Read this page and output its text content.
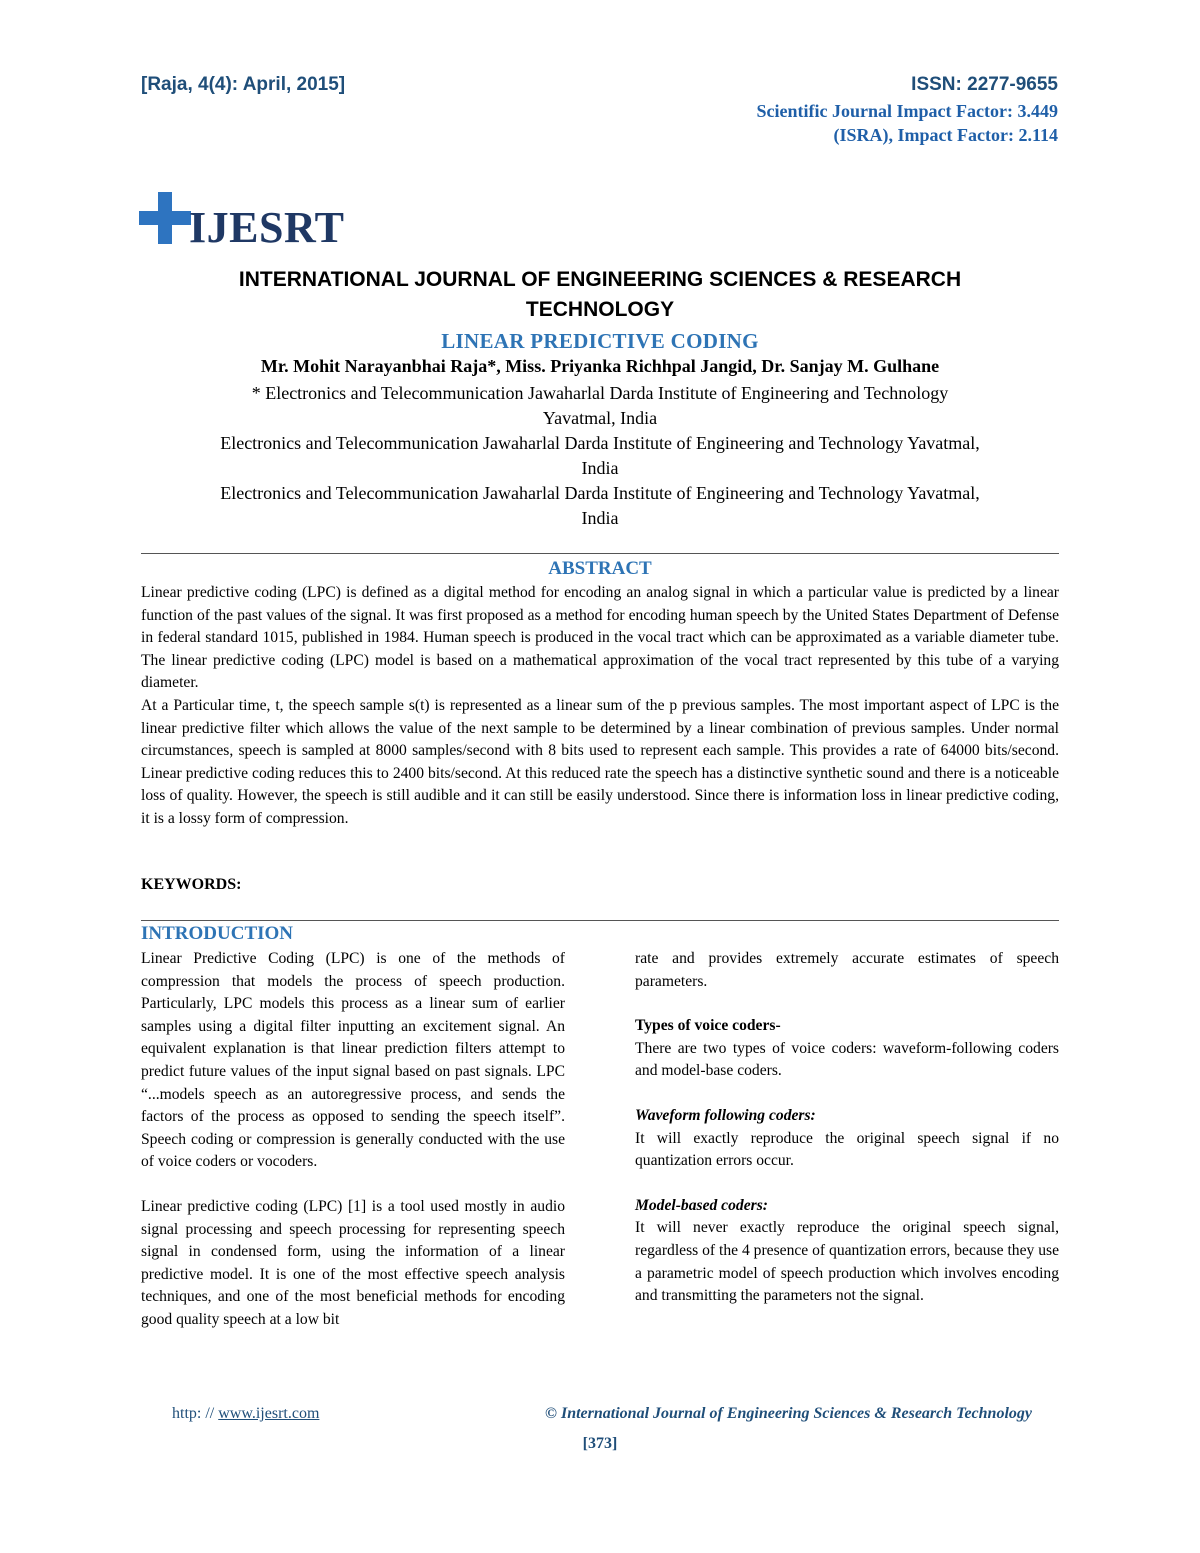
[Raja, 4(4): April, 2015]	ISSN: 2277-9655
Scientific Journal Impact Factor: 3.449
(ISRA), Impact Factor: 2.114
IJESRT
INTERNATIONAL JOURNAL OF ENGINEERING SCIENCES & RESEARCH
TECHNOLOGY
LINEAR PREDICTIVE CODING
Mr. Mohit Narayanbhai Raja*, Miss. Priyanka Richhpal Jangid, Dr. Sanjay M. Gulhane
* Electronics and Telecommunication Jawaharlal Darda Institute of Engineering and Technology
Yavatmal, India
Electronics and Telecommunication Jawaharlal Darda Institute of Engineering and Technology Yavatmal,
India
Electronics and Telecommunication Jawaharlal Darda Institute of Engineering and Technology Yavatmal,
India
ABSTRACT
Linear predictive coding (LPC) is defined as a digital method for encoding an analog signal in which a particular value is predicted by a linear function of the past values of the signal. It was first proposed as a method for encoding human speech by the United States Department of Defense in federal standard 1015, published in 1984. Human speech is produced in the vocal tract which can be approximated as a variable diameter tube. The linear predictive coding (LPC) model is based on a mathematical approximation of the vocal tract represented by this tube of a varying diameter.
At a Particular time, t, the speech sample s(t) is represented as a linear sum of the p previous samples. The most important aspect of LPC is the linear predictive filter which allows the value of the next sample to be determined by a linear combination of previous samples. Under normal circumstances, speech is sampled at 8000 samples/second with 8 bits used to represent each sample. This provides a rate of 64000 bits/second. Linear predictive coding reduces this to 2400 bits/second. At this reduced rate the speech has a distinctive synthetic sound and there is a noticeable loss of quality. However, the speech is still audible and it can still be easily understood. Since there is information loss in linear predictive coding, it is a lossy form of compression.
KEYWORDS:
INTRODUCTION

Linear Predictive Coding (LPC) is one of the methods of compression that models the process of speech production. Particularly, LPC models this process as a linear sum of earlier samples using a digital filter inputting an excitement signal. An equivalent explanation is that linear prediction filters attempt to predict future values of the input signal based on past signals. LPC “...models speech as an autoregressive process, and sends the factors of the process as opposed to sending the speech itself”. Speech coding or compression is generally conducted with the use of voice coders or vocoders.

Linear predictive coding (LPC) [1] is a tool used mostly in audio signal processing and speech processing for representing speech signal in condensed form, using the information of a linear predictive model. It is one of the most effective speech analysis techniques, and one of the most beneficial methods for encoding good quality speech at a low bit

rate and provides extremely accurate estimates of speech parameters.

Types of voice coders-

There are two types of voice coders: waveform-following coders and model-base coders.

Waveform following coders:

It will exactly reproduce the original speech signal if no quantization errors occur.

Model-based coders:

It will never exactly reproduce the original speech signal, regardless of the 4 presence of quantization errors, because they use a parametric model of speech production which involves encoding and transmitting the parameters not the signal.

http: // www.ijesrt.com	© International Journal of Engineering Sciences & Research Technology
[373]
